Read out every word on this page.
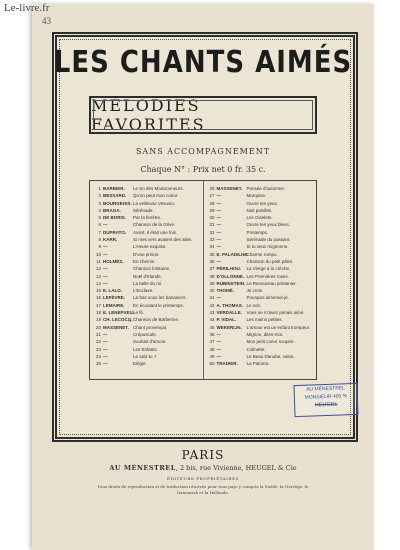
Le-livre.fr
43
LES CHANTS AIMÉS
MÉLODIES FAVORITES
SANS ACCOMPAGNEMENT
Chaque N° : Prix net 0 fr. 35 c.
1 BARBIER. Le So des Moissonneurs.
2 BESSARD. Qu'on peut mon coeur.
3 BOURGEOIS.La veilleuse Vesuvio.
4 BRAGA.	Sérénade.
5 DE BORIS. Par la fenêtre.
6 —	Chanson de la Grive.
7 DUPRATO. Avant. Il était une fois.
8 KARR.	Si mes vers avaient des ailes.
9 —	L'Heure exquise.
10 —	D'une prison.
11 HOLMÈS. En chemin.
12 —	Chanson lointaine.
13 —	Noël d'Irlande.
14 —	La belle du roi.
15 E. LALO. L'Esclave.
16 LEFÈVRE. La-bas sous les bananiers.
17 LEMAIRE. En écoutant le printemps.
18 E. LENEPVEU.Le fil.
19 CH. LECOCQ.Chanson de Barberine.
20 MASSENET. Chant provençal.
21 —	Crépuscule.
22 —	Souhait d'amour.
23 —	Les Enfants.
24 —	Le sais-tu ?
25 —	Elégie.
26 MASSENET. Pensée d'automne.
27 —	Marquise.
28 —	Ouvre tes yeux.
29 —	Nuit paisible.
30 —	Les Oiselets.
31 —	Ouvre tes yeux bleus.
32 —	Printemps.
33 —	Sérénade du passant.
34 —	Si tu veux mignonne.
35 E. PALADILHE.Charme rompu.
36 —	Chanson du petit pâtre.
37 PÉRILHOU. La Vierge à la crèche.
38 D'OLLONNE. Les Premières roses.
39 RUBINSTEIN.Le Renouveau printanier.
40 THOMÉ.	Je crois.
41 —	Pourquoi aimerais-je.
42 A. THOMAS. Le soir.
43 VERDALLE. Vous ne m'avez jamais aimé.
44 P. VIDAL. Les mains petites.
45 WEKERLIN. L'amour est un enfant trompeur.
46 —	Mignon, dites-moi.
47 —	Mon petit coeur soupire.
48 —	Colinette.
49 —	Le Beau Danube, valse.
50 TRADIER. La Paloma.
AU MÉNESTREL
MONSIEUR 400 %
HEUGEL
PARIS
AU MÉNESTREL, 2 bis, rue Vivienne, HEUGEL & Cie
ÉDITEURS-PROPRIÉTAIRES
Tous droits de reproduction et de traduction réservés pour tous pays y compris la Suède, la Norvège, le Danemark et la Hollande.
